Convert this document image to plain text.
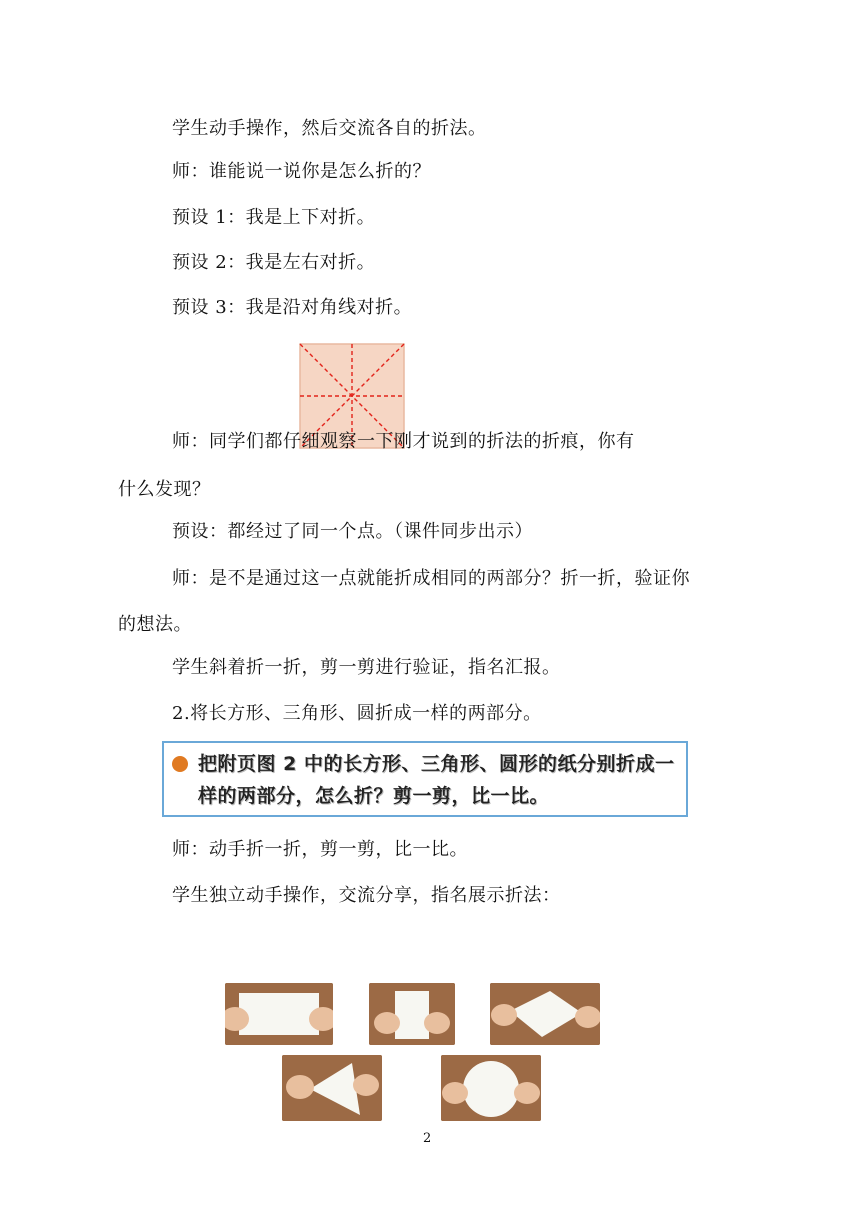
学生动手操作，然后交流各自的折法。
师：谁能说一说你是怎么折的？
预设 1：我是上下对折。
预设 2：我是左右对折。
预设 3：我是沿对角线对折。
师：同学们都仔细观察一下刚才说到的折法的折痕，你有
什么发现？
预设：都经过了同一个点。（课件同步出示）
师：是不是通过这一点就能折成相同的两部分？折一折，验证你
的想法。
学生斜着折一折，剪一剪进行验证，指名汇报。
2.将长方形、三角形、圆折成一样的两部分。
把附页图 2 中的长方形、三角形、圆形的纸分别折成一
样的两部分，怎么折？剪一剪，比一比。
师：动手折一折，剪一剪，比一比。
学生独立动手操作，交流分享，指名展示折法：
2
